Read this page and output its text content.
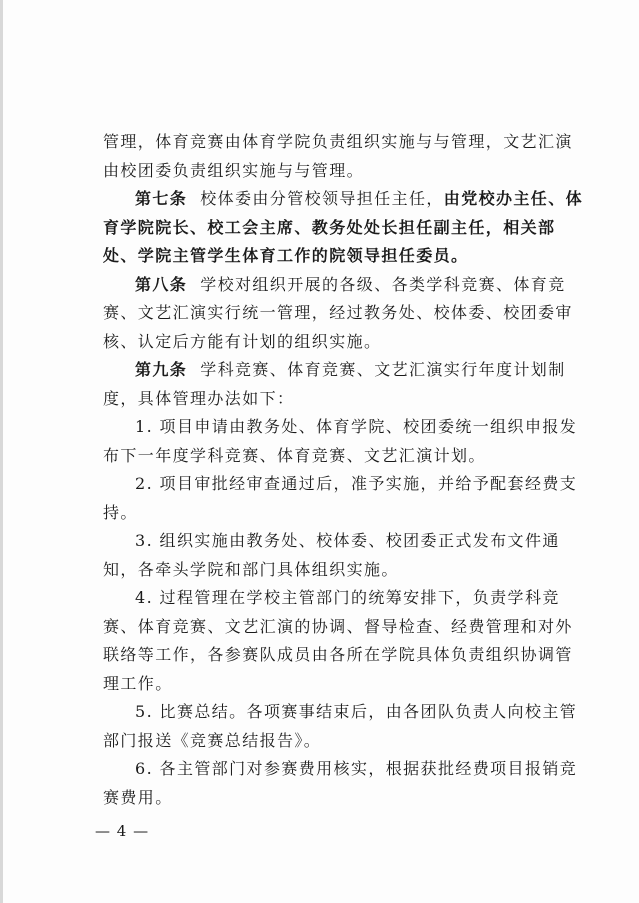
管理，体育竞赛由体育学院负责组织实施与与管理，文艺汇演由校团委负责组织实施与与管理。

第七条 校体委由分管校领导担任主任，由党校办主任、体育学院院长、校工会主席、教务处处长担任副主任，相关部处、学院主管学生体育工作的院领导担任委员。

第八条 学校对组织开展的各级、各类学科竞赛、体育竞赛、文艺汇演实行统一管理，经过教务处、校体委、校团委审核、认定后方能有计划的组织实施。

第九条 学科竞赛、体育竞赛、文艺汇演实行年度计划制度，具体管理办法如下：

1. 项目申请由教务处、体育学院、校团委统一组织申报发布下一年度学科竞赛、体育竞赛、文艺汇演计划。

2. 项目审批经审查通过后，准予实施，并给予配套经费支持。

3. 组织实施由教务处、校体委、校团委正式发布文件通知，各牵头学院和部门具体组织实施。

4. 过程管理在学校主管部门的统筹安排下，负责学科竞赛、体育竞赛、文艺汇演的协调、督导检查、经费管理和对外联络等工作，各参赛队成员由各所在学院具体负责组织协调管理工作。

5. 比赛总结。各项赛事结束后，由各团队负责人向校主管部门报送《竞赛总结报告》。

6. 各主管部门对参赛费用核实，根据获批经费项目报销竞赛费用。

— 4 —
